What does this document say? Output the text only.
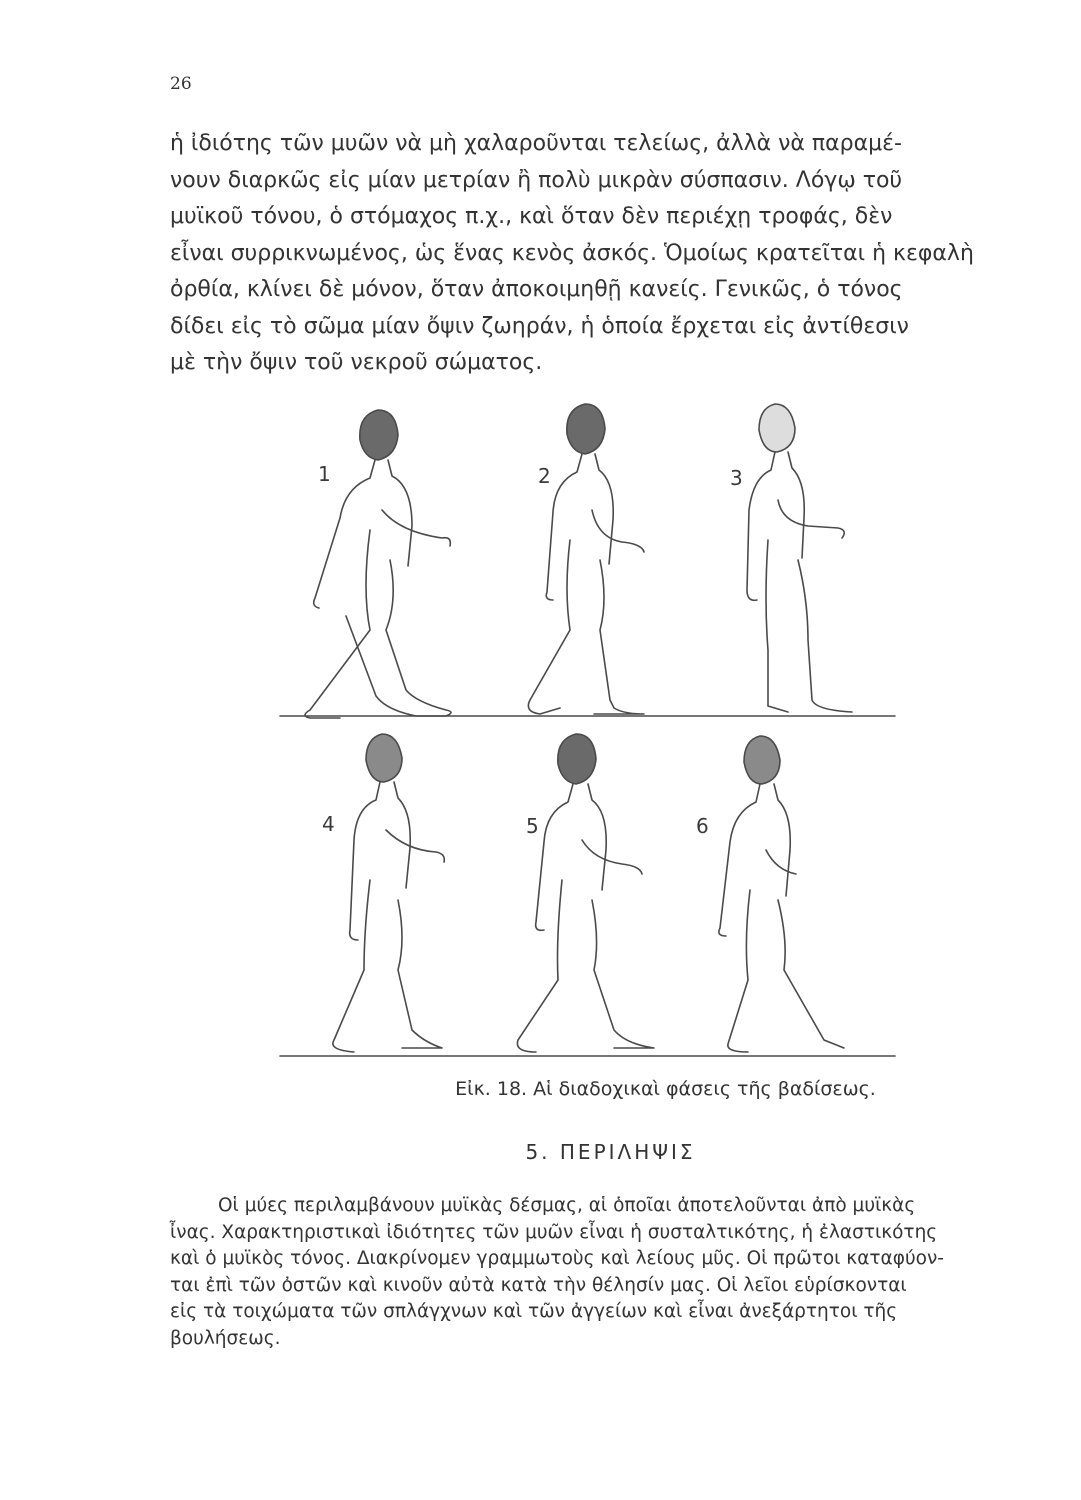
26
ἡ ἰδιότης τῶν μυῶν νὰ μὴ χαλαροῦνται τελείως, ἀλλὰ νὰ παραμέ-
νουν διαρκῶς εἰς μίαν μετρίαν ἢ πολὺ μικρὰν σύσπασιν. Λόγῳ τοῦ
μυϊκοῦ τόνου, ὁ στόμαχος π.χ., καὶ ὅταν δὲν περιέχῃ τροφάς, δὲν
εἶναι συρρικνωμένος, ὡς ἕνας κενὸς ἀσκός. Ὁμοίως κρατεῖται ἡ κεφαλὴ
ὀρθία, κλίνει δὲ μόνον, ὅταν ἀποκοιμηθῇ κανείς. Γενικῶς, ὁ τόνος
δίδει εἰς τὸ σῶμα μίαν ὄψιν ζωηράν, ἡ ὁποία ἔρχεται εἰς ἀντίθεσιν
μὲ τὴν ὄψιν τοῦ νεκροῦ σώματος.
1	2	3
4	5	6
Εἰκ. 18. Αἱ διαδοχικαὶ φάσεις τῆς βαδίσεως.
5. ΠΕΡΙΛΗΨΙΣ
Οἱ μύες περιλαμβάνουν μυϊκὰς δέσμας, αἱ ὁποῖαι ἀποτελοῦνται ἀπὸ μυϊκὰς
ἶνας. Χαρακτηριστικαὶ ἰδιότητες τῶν μυῶν εἶναι ἡ συσταλτικότης, ἡ ἐλαστικότης
καὶ ὁ μυϊκὸς τόνος. Διακρίνομεν γραμμωτοὺς καὶ λείους μῦς. Οἱ πρῶτοι καταφύον-
ται ἐπὶ τῶν ὀστῶν καὶ κινοῦν αὐτὰ κατὰ τὴν θέλησίν μας. Οἱ λεῖοι εὑρίσκονται
εἰς τὰ τοιχώματα τῶν σπλάγχνων καὶ τῶν ἀγγείων καὶ εἶναι ἀνεξάρτητοι τῆς
βουλήσεως.
